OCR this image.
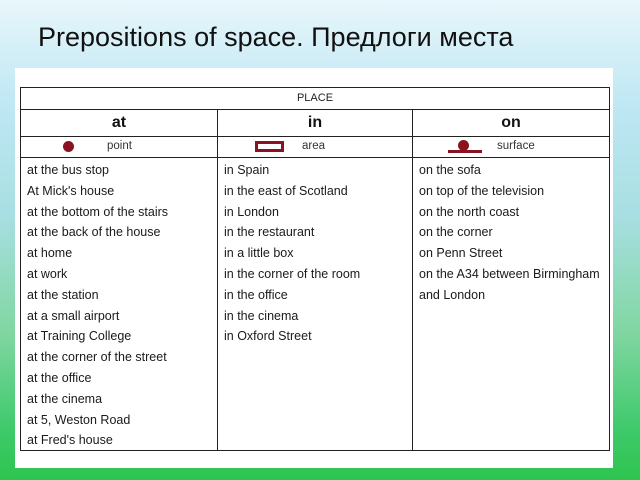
Prepositions of space. Предлоги места
PLACE
at	in	on
point	area	surface
at the bus stop
At Mick's house
at the bottom of the stairs
at the back of the house
at home
at work
at the station
at a small airport
at Training College
at the corner of the street
at the office
at the cinema
at 5, Weston Road
at Fred's house
in Spain
in the east of Scotland
in London
in the restaurant
in a little box
in the corner of the room
in the office
in the cinema
in Oxford Street
on the sofa
on top of the television
on the north coast
on the corner
on Penn Street
on the A34 between Birmingham
and London
